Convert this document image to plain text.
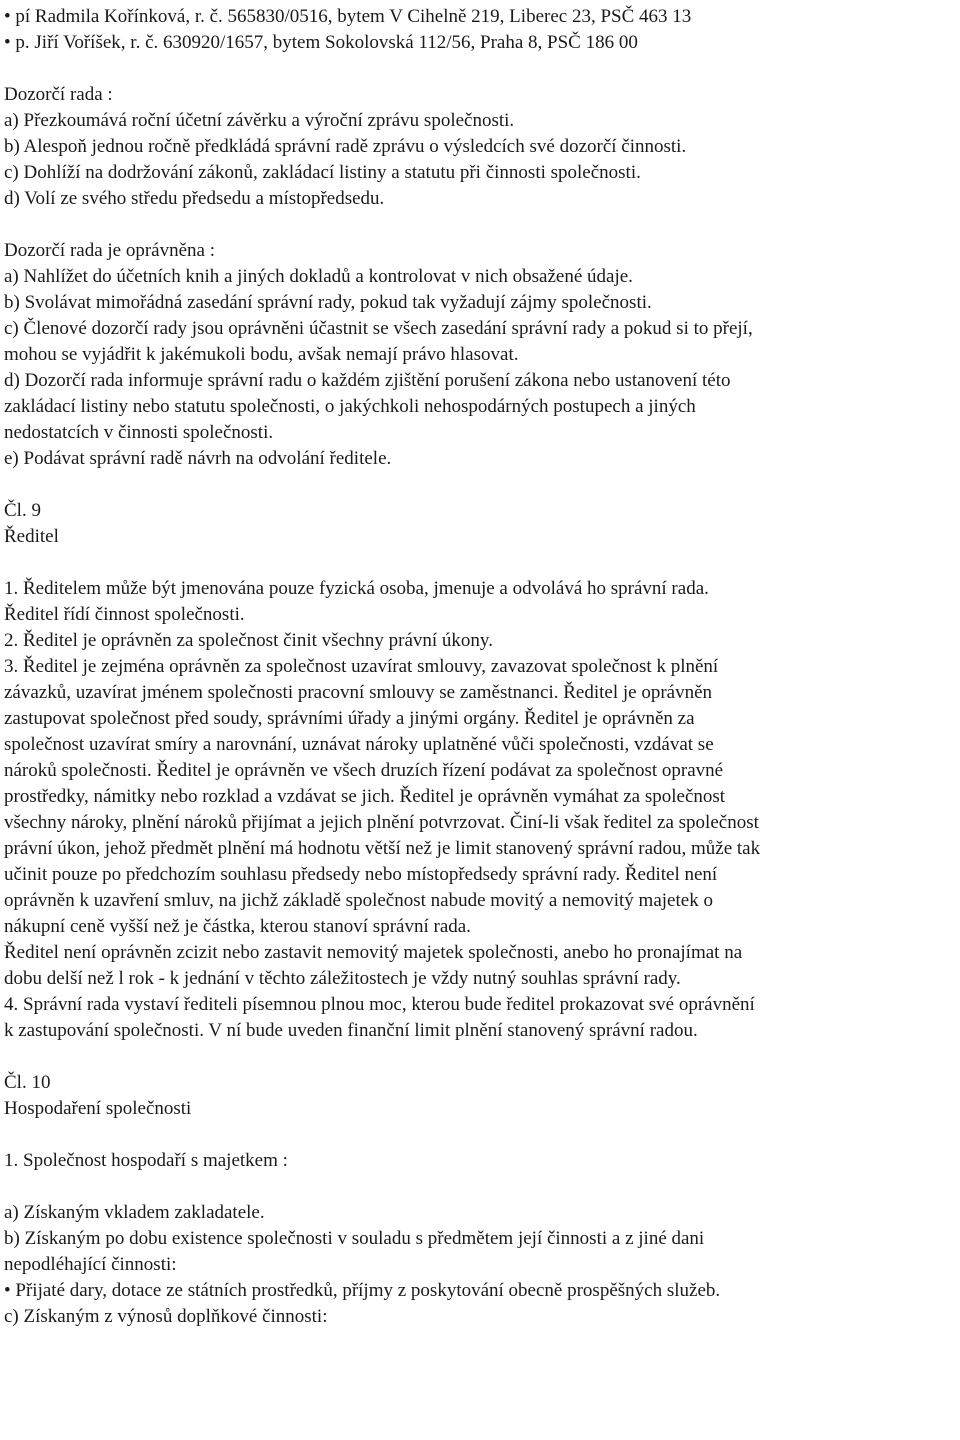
• pí Radmila Kořínková, r. č. 565830/0516, bytem V Cihelně 219, Liberec 23, PSČ 463 13
• p. Jiří Voříšek, r. č. 630920/1657, bytem Sokolovská 112/56, Praha 8, PSČ 186 00
Dozorčí rada :
a) Přezkoumává roční účetní závěrku a výroční zprávu společnosti.
b) Alespoň jednou ročně předkládá správní radě zprávu o výsledcích své dozorčí činnosti.
c) Dohlíží na dodržování zákonů, zakládací listiny a statutu při činnosti společnosti.
d) Volí ze svého středu předsedu a místopředsedu.
Dozorčí rada je oprávněna :
a) Nahlížet do účetních knih a jiných dokladů a kontrolovat v nich obsažené údaje.
b) Svolávat mimořádná zasedání správní rady, pokud tak vyžadují zájmy společnosti.
c) Členové dozorčí rady jsou oprávněni účastnit se všech zasedání správní rady a pokud si to přejí,
mohou se vyjádřit k jakémukoli bodu, avšak nemají právo hlasovat.
d) Dozorčí rada informuje správní radu o každém zjištění porušení zákona nebo ustanovení této
zakládací listiny nebo statutu společnosti, o jakýchkoli nehospodárných postupech a jiných
nedostatcích v činnosti společnosti.
e) Podávat správní radě návrh na odvolání ředitele.
Čl. 9
Ředitel
1. Ředitelem může být jmenována pouze fyzická osoba, jmenuje a odvolává ho správní rada.
Ředitel řídí činnost společnosti.
2. Ředitel je oprávněn za společnost činit všechny právní úkony.
3. Ředitel je zejména oprávněn za společnost uzavírat smlouvy, zavazovat společnost k plnění
závazků, uzavírat jménem společnosti pracovní smlouvy se zaměstnanci. Ředitel je oprávněn
zastupovat společnost před soudy, správními úřady a jinými orgány. Ředitel je oprávněn za
společnost uzavírat smíry a narovnání, uznávat nároky uplatněné vůči společnosti, vzdávat se
nároků společnosti. Ředitel je oprávněn ve všech druzích řízení podávat za společnost opravné
prostředky, námitky nebo rozklad a vzdávat se jich. Ředitel je oprávněn vymáhat za společnost
všechny nároky, plnění nároků přijímat a jejich plnění potvrzovat. Činí-li však ředitel za společnost
právní úkon, jehož předmět plnění má hodnotu větší než je limit stanovený správní radou, může tak
učinit pouze po předchozím souhlasu předsedy nebo místopředsedy správní rady. Ředitel není
oprávněn k uzavření smluv, na jichž základě společnost nabude movitý a nemovitý majetek o
nákupní ceně vyšší než je částka, kterou stanoví správní rada.
Ředitel není oprávněn zcizit nebo zastavit nemovitý majetek společnosti, anebo ho pronajímat na
dobu delší než l rok - k jednání v těchto záležitostech je vždy nutný souhlas správní rady.
4. Správní rada vystaví řediteli písemnou plnou moc, kterou bude ředitel prokazovat své oprávnění
k zastupování společnosti. V ní bude uveden finanční limit plnění stanovený správní radou.
Čl. 10
Hospodaření společnosti
1. Společnost hospodaří s majetkem :
a) Získaným vkladem zakladatele.
b) Získaným po dobu existence společnosti v souladu s předmětem její činnosti a z jiné dani
nepodléhající činnosti:
• Přijaté dary, dotace ze státních prostředků, příjmy z poskytování obecně prospěšných služeb.
c) Získaným z výnosů doplňkové činnosti:
